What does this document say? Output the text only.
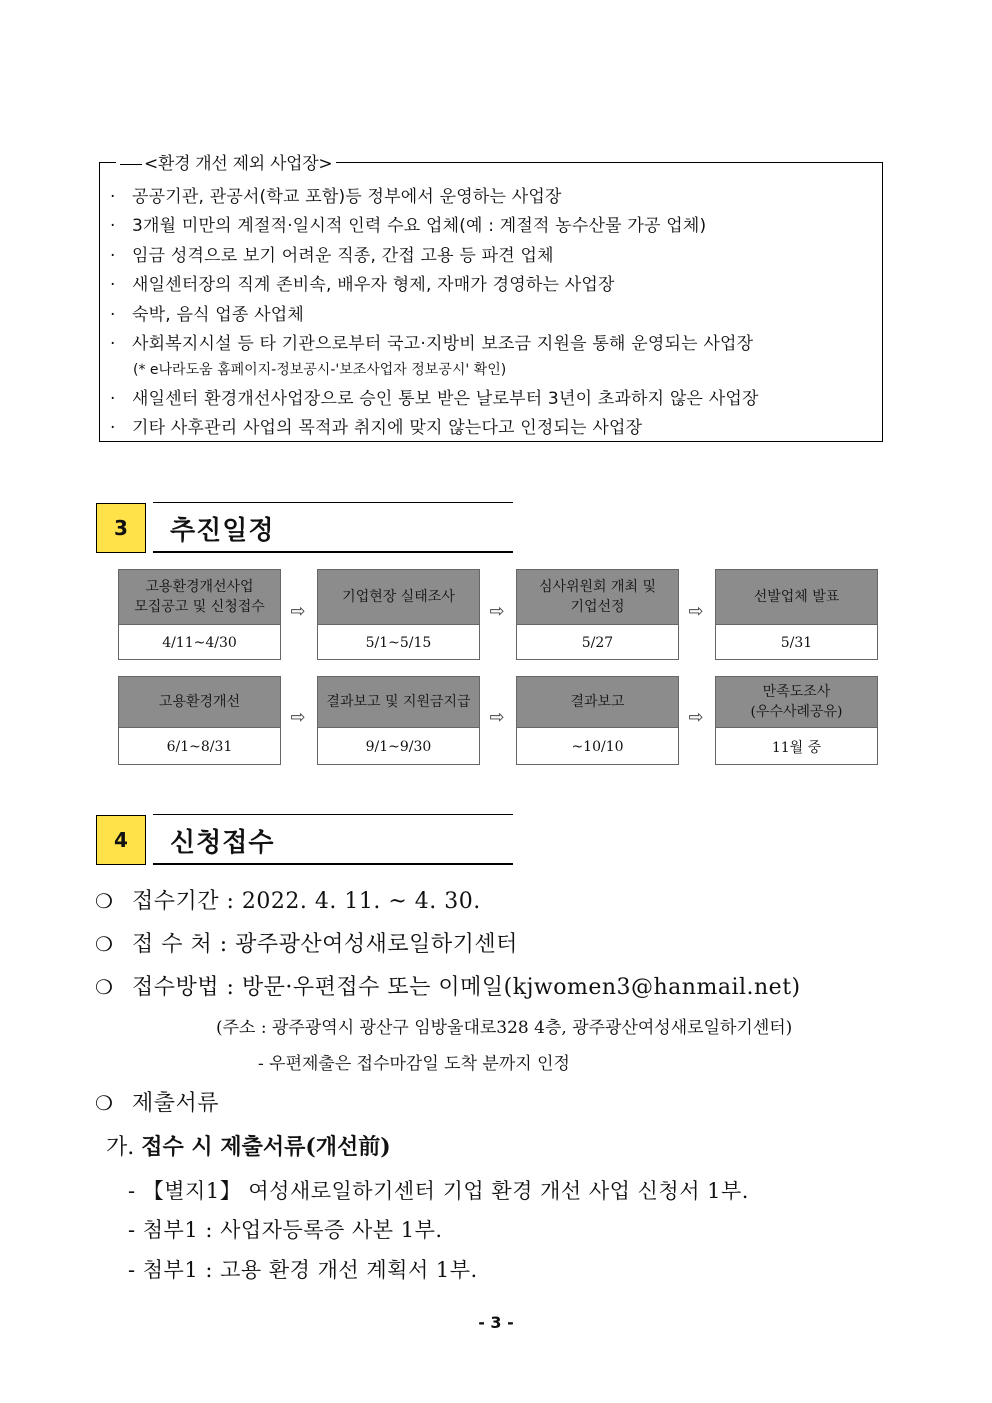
<환경 개선 제외 사업장>
· 공공기관, 관공서(학교 포함)등 정부에서 운영하는 사업장
· 3개월 미만의 계절적·일시적 인력 수요 업체(예 : 계절적 농수산물 가공 업체)
· 임금 성격으로 보기 어려운 직종, 간접 고용 등 파견 업체
· 새일센터장의 직계 존비속, 배우자 형제, 자매가 경영하는 사업장
· 숙박, 음식 업종 사업체
· 사회복지시설 등 타 기관으로부터 국고·지방비 보조금 지원을 통해 운영되는 사업장
(* e나라도움 홈페이지-정보공시-'보조사업자 정보공시' 확인)
· 새일센터 환경개선사업장으로 승인 통보 받은 날로부터 3년이 초과하지 않은 사업장
· 기타 사후관리 사업의 목적과 취지에 맞지 않는다고 인정되는 사업장
3	추진일정
고용환경개선사업
모집공고 및 신청접수
4/11~4/30
⇨
기업현장 실태조사
5/1~5/15
⇨
심사위원회 개최 및
기업선정
5/27
⇨
선발업체 발표
5/31
고용환경개선
6/1~8/31
⇨
결과보고 및 지원금지급
9/1~9/30
⇨
결과보고
~10/10
⇨
만족도조사
(우수사례공유)
11월 중
4	신청접수
❍ 접수기간 : 2022. 4. 11. ~ 4. 30.
❍ 접 수 처 : 광주광산여성새로일하기센터
❍ 접수방법 : 방문·우편접수 또는 이메일(kjwomen3@hanmail.net)
(주소 : 광주광역시 광산구 임방울대로328 4층, 광주광산여성새로일하기센터)
- 우편제출은 접수마감일 도착 분까지 인정
❍ 제출서류
가. 접수 시 제출서류(개선前)
- 【별지1】 여성새로일하기센터 기업 환경 개선 사업 신청서 1부.
- 첨부1 : 사업자등록증 사본 1부.
- 첨부1 : 고용 환경 개선 계획서 1부.
- 3 -
